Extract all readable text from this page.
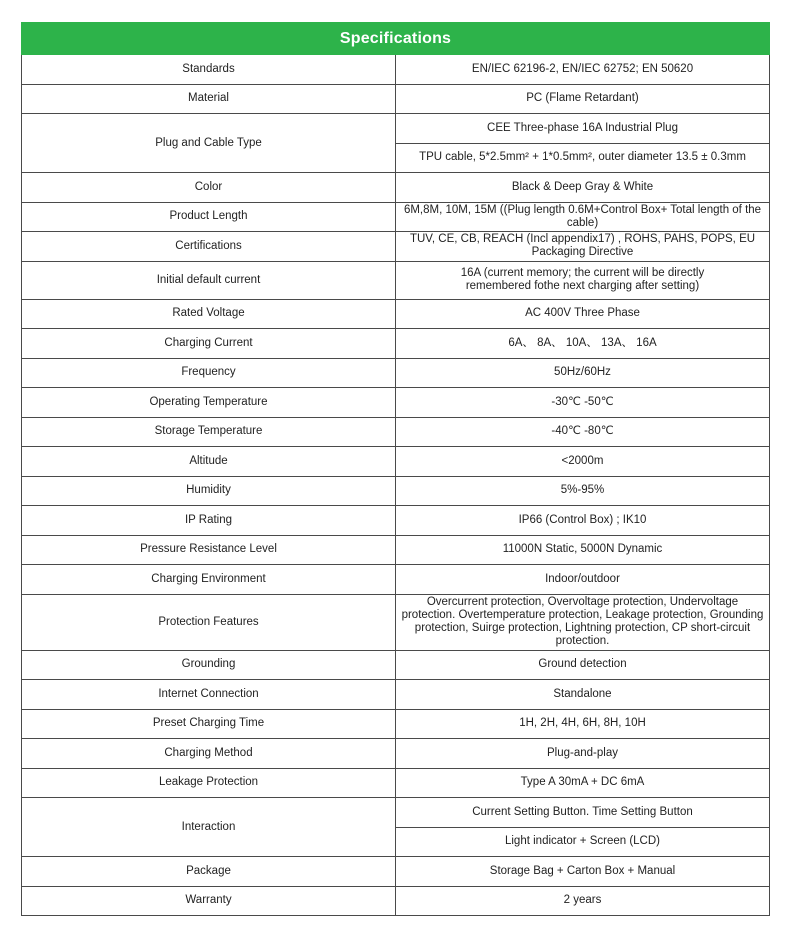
Specifications	
Standards	EN/IEC 62196-2, EN/IEC 62752; EN 50620
Material	PC (Flame Retardant)
Plug and Cable Type	CEE Three-phase 16A Industrial Plug
	TPU cable, 5*2.5mm² + 1*0.5mm², outer diameter 13.5 ± 0.3mm
Color	Black & Deep Gray & White
Product Length	6M,8M, 10M, 15M ((Plug length 0.6M+Control Box+ Total length of the cable)
Certifications	TUV, CE, CB, REACH (Incl appendix17) , ROHS, PAHS, POPS, EU Packaging Directive
Initial default current	16A (current memory; the current will be directly remembered fothe next charging after setting)
Rated Voltage	AC 400V Three Phase
Charging Current	6A、 8A、 10A、 13A、 16A
Frequency	50Hz/60Hz
Operating Temperature	-30℃ -50℃
Storage Temperature	-40℃ -80℃
Altitude	<2000m
Humidity	5%-95%
IP Rating	IP66 (Control Box) ; IK10
Pressure Resistance Level	11000N Static, 5000N Dynamic
Charging Environment	Indoor/outdoor
Protection Features	Overcurrent protection, Overvoltage protection, Undervoltage protection. Overtemperature protection, Leakage protection, Grounding protection, Suirge protection, Lightning protection, CP short-circuit protection.
Grounding	Ground detection
Internet Connection	Standalone
Preset Charging Time	1H, 2H, 4H, 6H, 8H, 10H
Charging Method	Plug-and-play
Leakage Protection	Type A 30mA + DC 6mA
Interaction	Current Setting Button. Time Setting Button
	Light indicator + Screen (LCD)
Package	Storage Bag + Carton Box + Manual
Warranty	2 years
